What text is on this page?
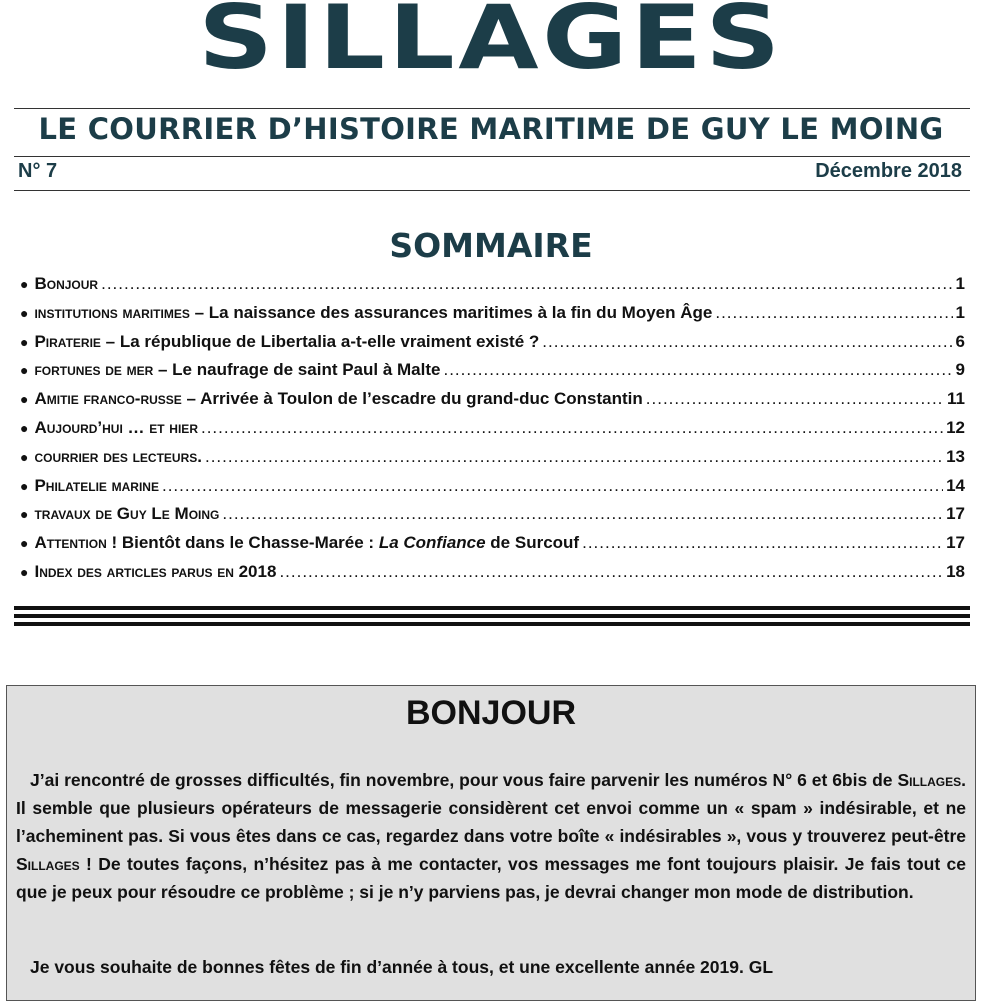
SILLAGES
LE COURRIER D’HISTOIRE MARITIME DE GUY LE MOING
N° 7	Décembre 2018
SOMMAIRE
● Bonjour .....	1
● institutions maritimes – La naissance des assurances maritimes à la fin du Moyen Âge .....	1
● Piraterie – La république de Libertalia a-t-elle vraiment existé ? .....	6
● fortunes de mer – Le naufrage de saint Paul à Malte .....	9
● Amitie franco-russe – Arrivée à Toulon de l’escadre du grand-duc Constantin .....	11
● Aujourd’hui … et hier .....	12
● courrier des lecteurs. .....	13
● Philatelie marine .....	14
● travaux de Guy Le Moing .....	17
● Attention ! Bientôt dans le Chasse-Marée : La Confiance de Surcouf .....	17
● Index des articles parus en 2018 .....	18
BONJOUR

J’ai rencontré de grosses difficultés, fin novembre, pour vous faire parvenir les numéros N° 6 et 6bis de Sillages. Il semble que plusieurs opérateurs de messagerie considèrent cet envoi comme un « spam » indésirable, et ne l’acheminent pas. Si vous êtes dans ce cas, regardez dans votre boîte « indésirables », vous y trouverez peut-être Sillages ! De toutes façons, n’hésitez pas à me contacter, vos messages me font toujours plaisir. Je fais tout ce que je peux pour résoudre ce problème ; si je n’y parviens pas, je devrai changer mon mode de distribution.

Je vous souhaite de bonnes fêtes de fin d’année à tous, et une excellente année 2019. GL
